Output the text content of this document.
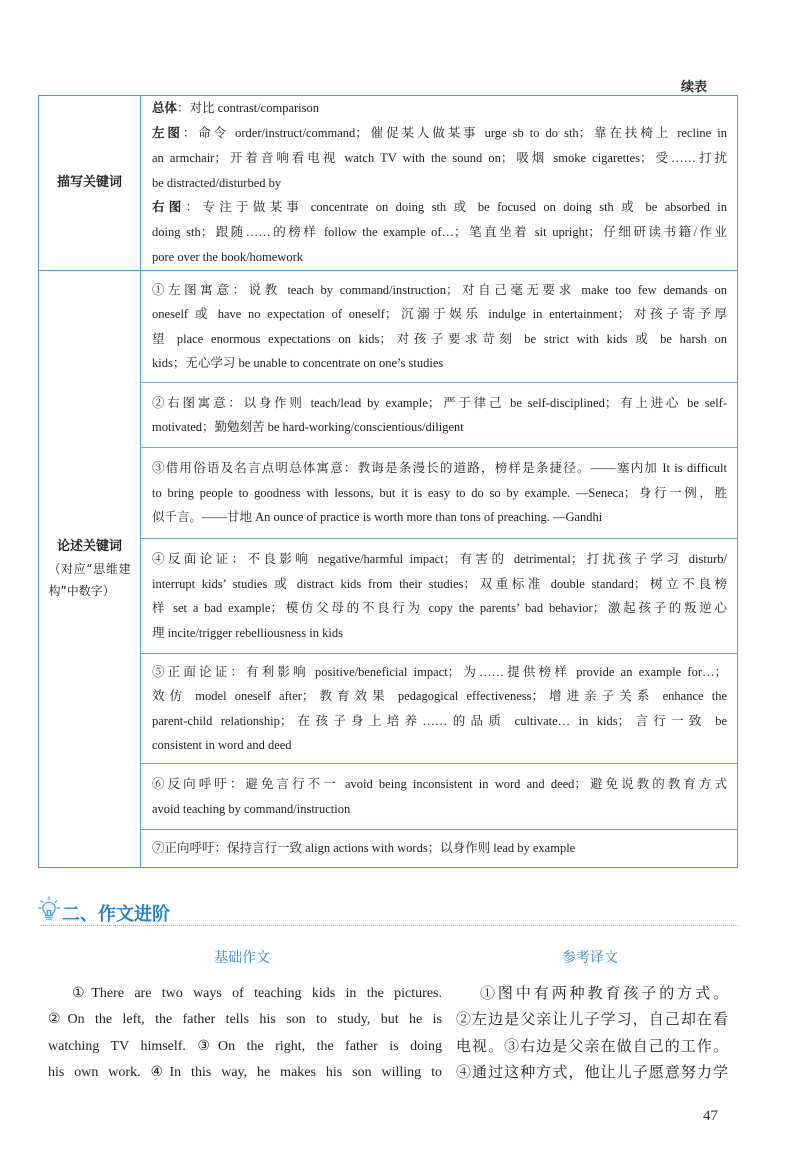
续表
描写关键词
总体：对比 contrast/comparison
左图：命令 order/instruct/command；催促某人做某事 urge sb to do sth；靠在扶椅上 recline in
an armchair；开着音响看电视 watch TV with the sound on；吸烟 smoke cigarettes；受……打扰
be distracted/disturbed by
右图：专注于做某事 concentrate on doing sth 或 be focused on doing sth 或 be absorbed in
doing sth；跟随……的榜样 follow the example of…；笔直坐着 sit upright；仔细研读书籍/作业
pore over the book/homework
论述关键词
（对应“思维建
构”中数字）
①左图寓意：说教 teach by command/instruction；对自己毫无要求 make too few demands on
oneself 或 have no expectation of oneself；沉溺于娱乐 indulge in entertainment；对孩子寄予厚
望 place enormous expectations on kids；对孩子要求苛刻 be strict with kids 或 be harsh on
kids；无心学习 be unable to concentrate on one’s studies
②右图寓意：以身作则 teach/lead by example；严于律己 be self-disciplined；有上进心 be self-
motivated；勤勉刻苦 be hard-working/conscientious/diligent
③借用俗语及名言点明总体寓意：教诲是条漫长的道路，榜样是条捷径。——塞内加 It is difficult
to bring people to goodness with lessons, but it is easy to do so by example. —Seneca；身行一例，胜
似千言。——甘地 An ounce of practice is worth more than tons of preaching. —Gandhi
④反面论证：不良影响 negative/harmful impact；有害的 detrimental；打扰孩子学习 disturb/
interrupt kids’ studies 或 distract kids from their studies；双重标准 double standard；树立不良榜
样 set a bad example；模仿父母的不良行为 copy the parents’ bad behavior；激起孩子的叛逆心
理 incite/trigger rebelliousness in kids
⑤正面论证：有利影响 positive/beneficial impact；为……提供榜样 provide an example for…；
效仿 model oneself after；教育效果 pedagogical effectiveness；增进亲子关系 enhance the
parent-child relationship；在孩子身上培养……的品质 cultivate… in kids；言行一致 be
consistent in word and deed
⑥反向呼吁：避免言行不一 avoid being inconsistent in word and deed；避免说教的教育方式
avoid teaching by command/instruction
⑦正向呼吁：保持言行一致 align actions with words；以身作则 lead by example
二、作文进阶
基础作文	参考译文
①There are two ways of teaching kids in the pictures.
②On the left, the father tells his son to study, but he is
watching TV himself. ③On the right, the father is doing
his own work. ④In this way, he makes his son willing to
①图中有两种教育孩子的方式。
②左边是父亲让儿子学习，自己却在看
电视。③右边是父亲在做自己的工作。
④通过这种方式，他让儿子愿意努力学
47
